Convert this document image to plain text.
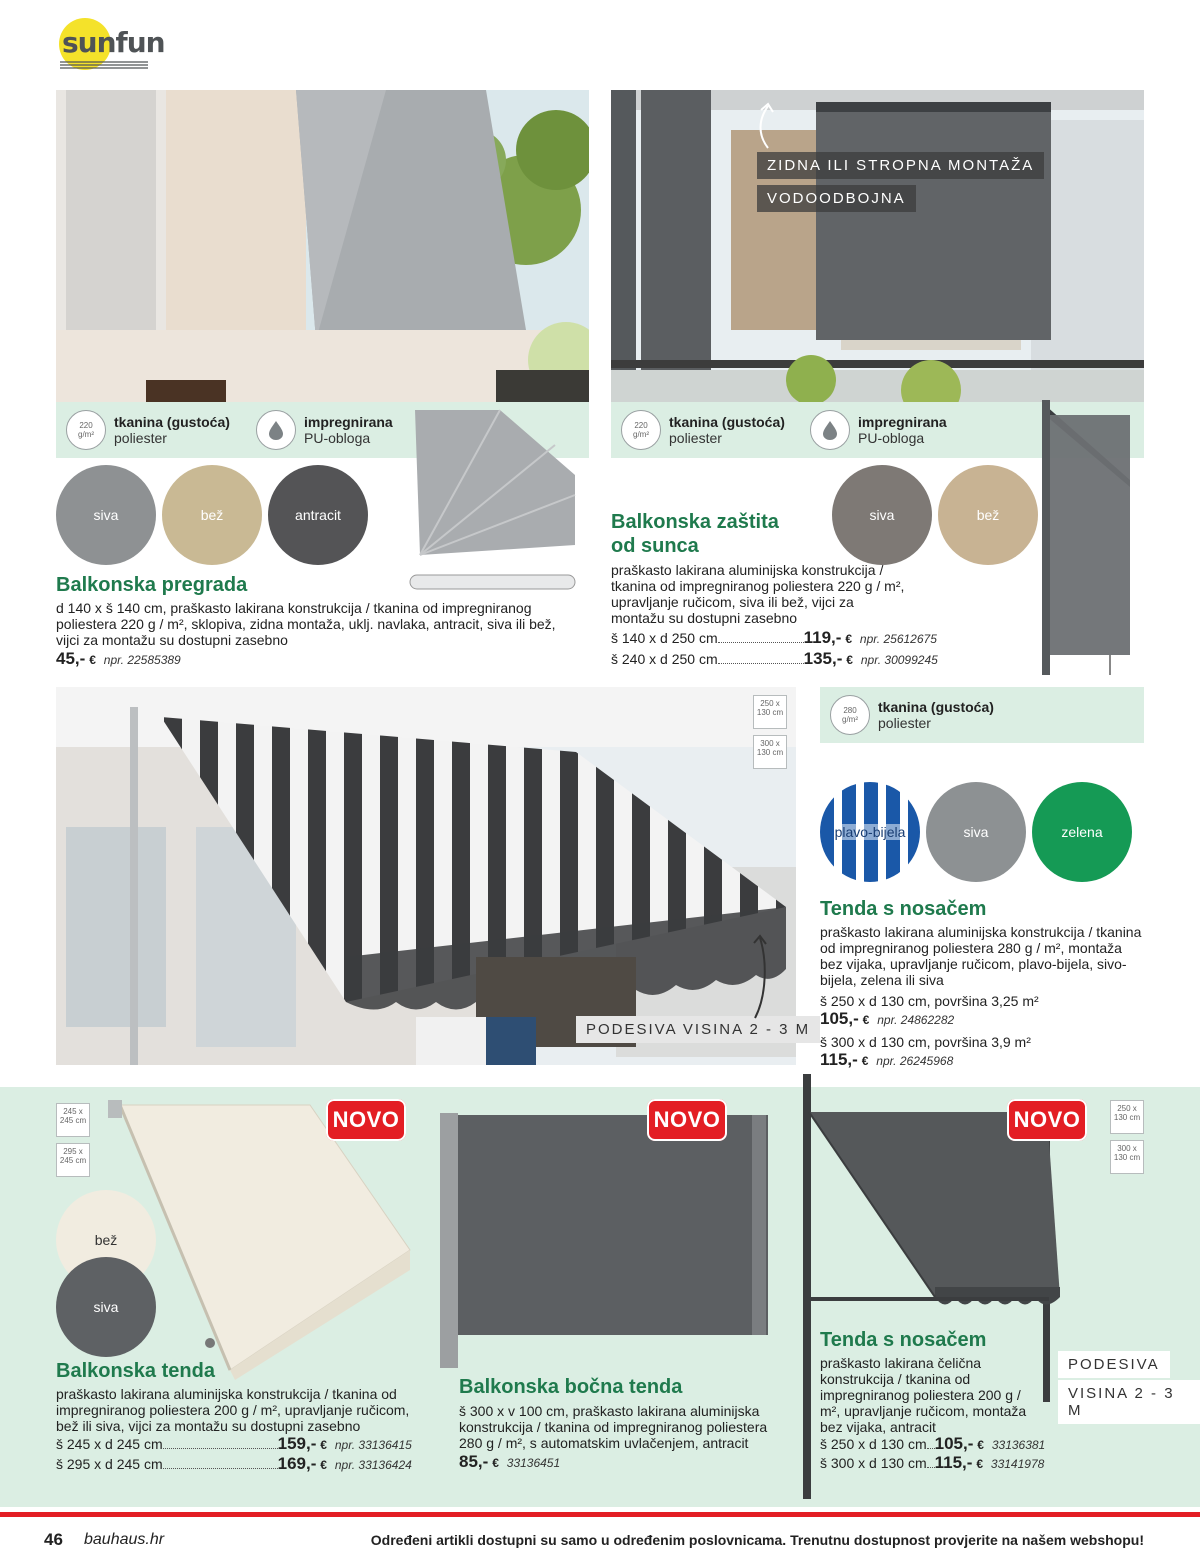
sunfun
ZIDNA ILI STROPNA MONTAŽA
VODOODBOJNA
220 g/m²
tkanina (gustoća)
poliester
impregnirana
PU-obloga
220 g/m²
tkanina (gustoća)
poliester
impregnirana
PU-obloga
siva	bež	antracit
Balkonska pregrada
d 140 x š 140 cm, praškasto lakirana konstrukcija / tkanina od impregniranog poliestera 220 g / m², sklopiva, zidna montaža, uklj. navlaka, antracit, siva ili bež, vijci za montažu su dostupni zasebno
45,- € npr. 22585389
Balkonska zaštita
od sunca
siva	bež
praškasto lakirana aluminijska konstrukcija / tkanina od impregniranog poliestera 220 g / m², upravljanje ručicom, siva ili bež, vijci za montažu su dostupni zasebno
š 140 x d 250 cm	119,- € npr. 25612675
š 240 x d 250 cm	135,- € npr. 30099245
PODESIVA VISINA 2 - 3 M
250 x 130 cm
300 x 130 cm
280 g/m²
tkanina (gustoća)
poliester
plavo-bijela	siva	zelena
Tenda s nosačem
praškasto lakirana aluminijska konstrukcija / tkanina od impregniranog poliestera 280 g / m², montaža bez vijaka, upravljanje ručicom, plavo-bijela, sivo-bijela, zelena ili siva
š 250 x d 130 cm, površina 3,25 m²
105,- € npr. 24862282
š 300 x d 130 cm, površina 3,9 m²
115,- € npr. 26245968
245 x 245 cm
295 x 245 cm
NOVO
bež
siva
Balkonska tenda
praškasto lakirana aluminijska konstrukcija / tkanina od impregniranog poliestera 200 g / m², upravljanje ručicom, bež ili siva, vijci za montažu su dostupni zasebno
š 245 x d 245 cm	159,- € npr. 33136415
š 295 x d 245 cm	169,- € npr. 33136424
NOVO
Balkonska bočna tenda
š 300 x v 100 cm, praškasto lakirana aluminijska konstrukcija / tkanina od impregniranog poliestera 280 g / m², s automatskim uvlačenjem, antracit
85,- € 33136451
NOVO	250 x 130 cm
300 x 130 cm
Tenda s nosačem
PODESIVA
VISINA 2 - 3 M
praškasto lakirana čelična konstrukcija / tkanina od impregniranog poliestera 200 g / m², upravljanje ručicom, montaža bez vijaka, antracit
š 250 x d 130 cm 105,- € 33136381
š 300 x d 130 cm 115,- € 33141978
46 bauhaus.hr	Određeni artikli dostupni su samo u određenim poslovnicama. Trenutnu dostupnost provjerite na našem webshopu!
